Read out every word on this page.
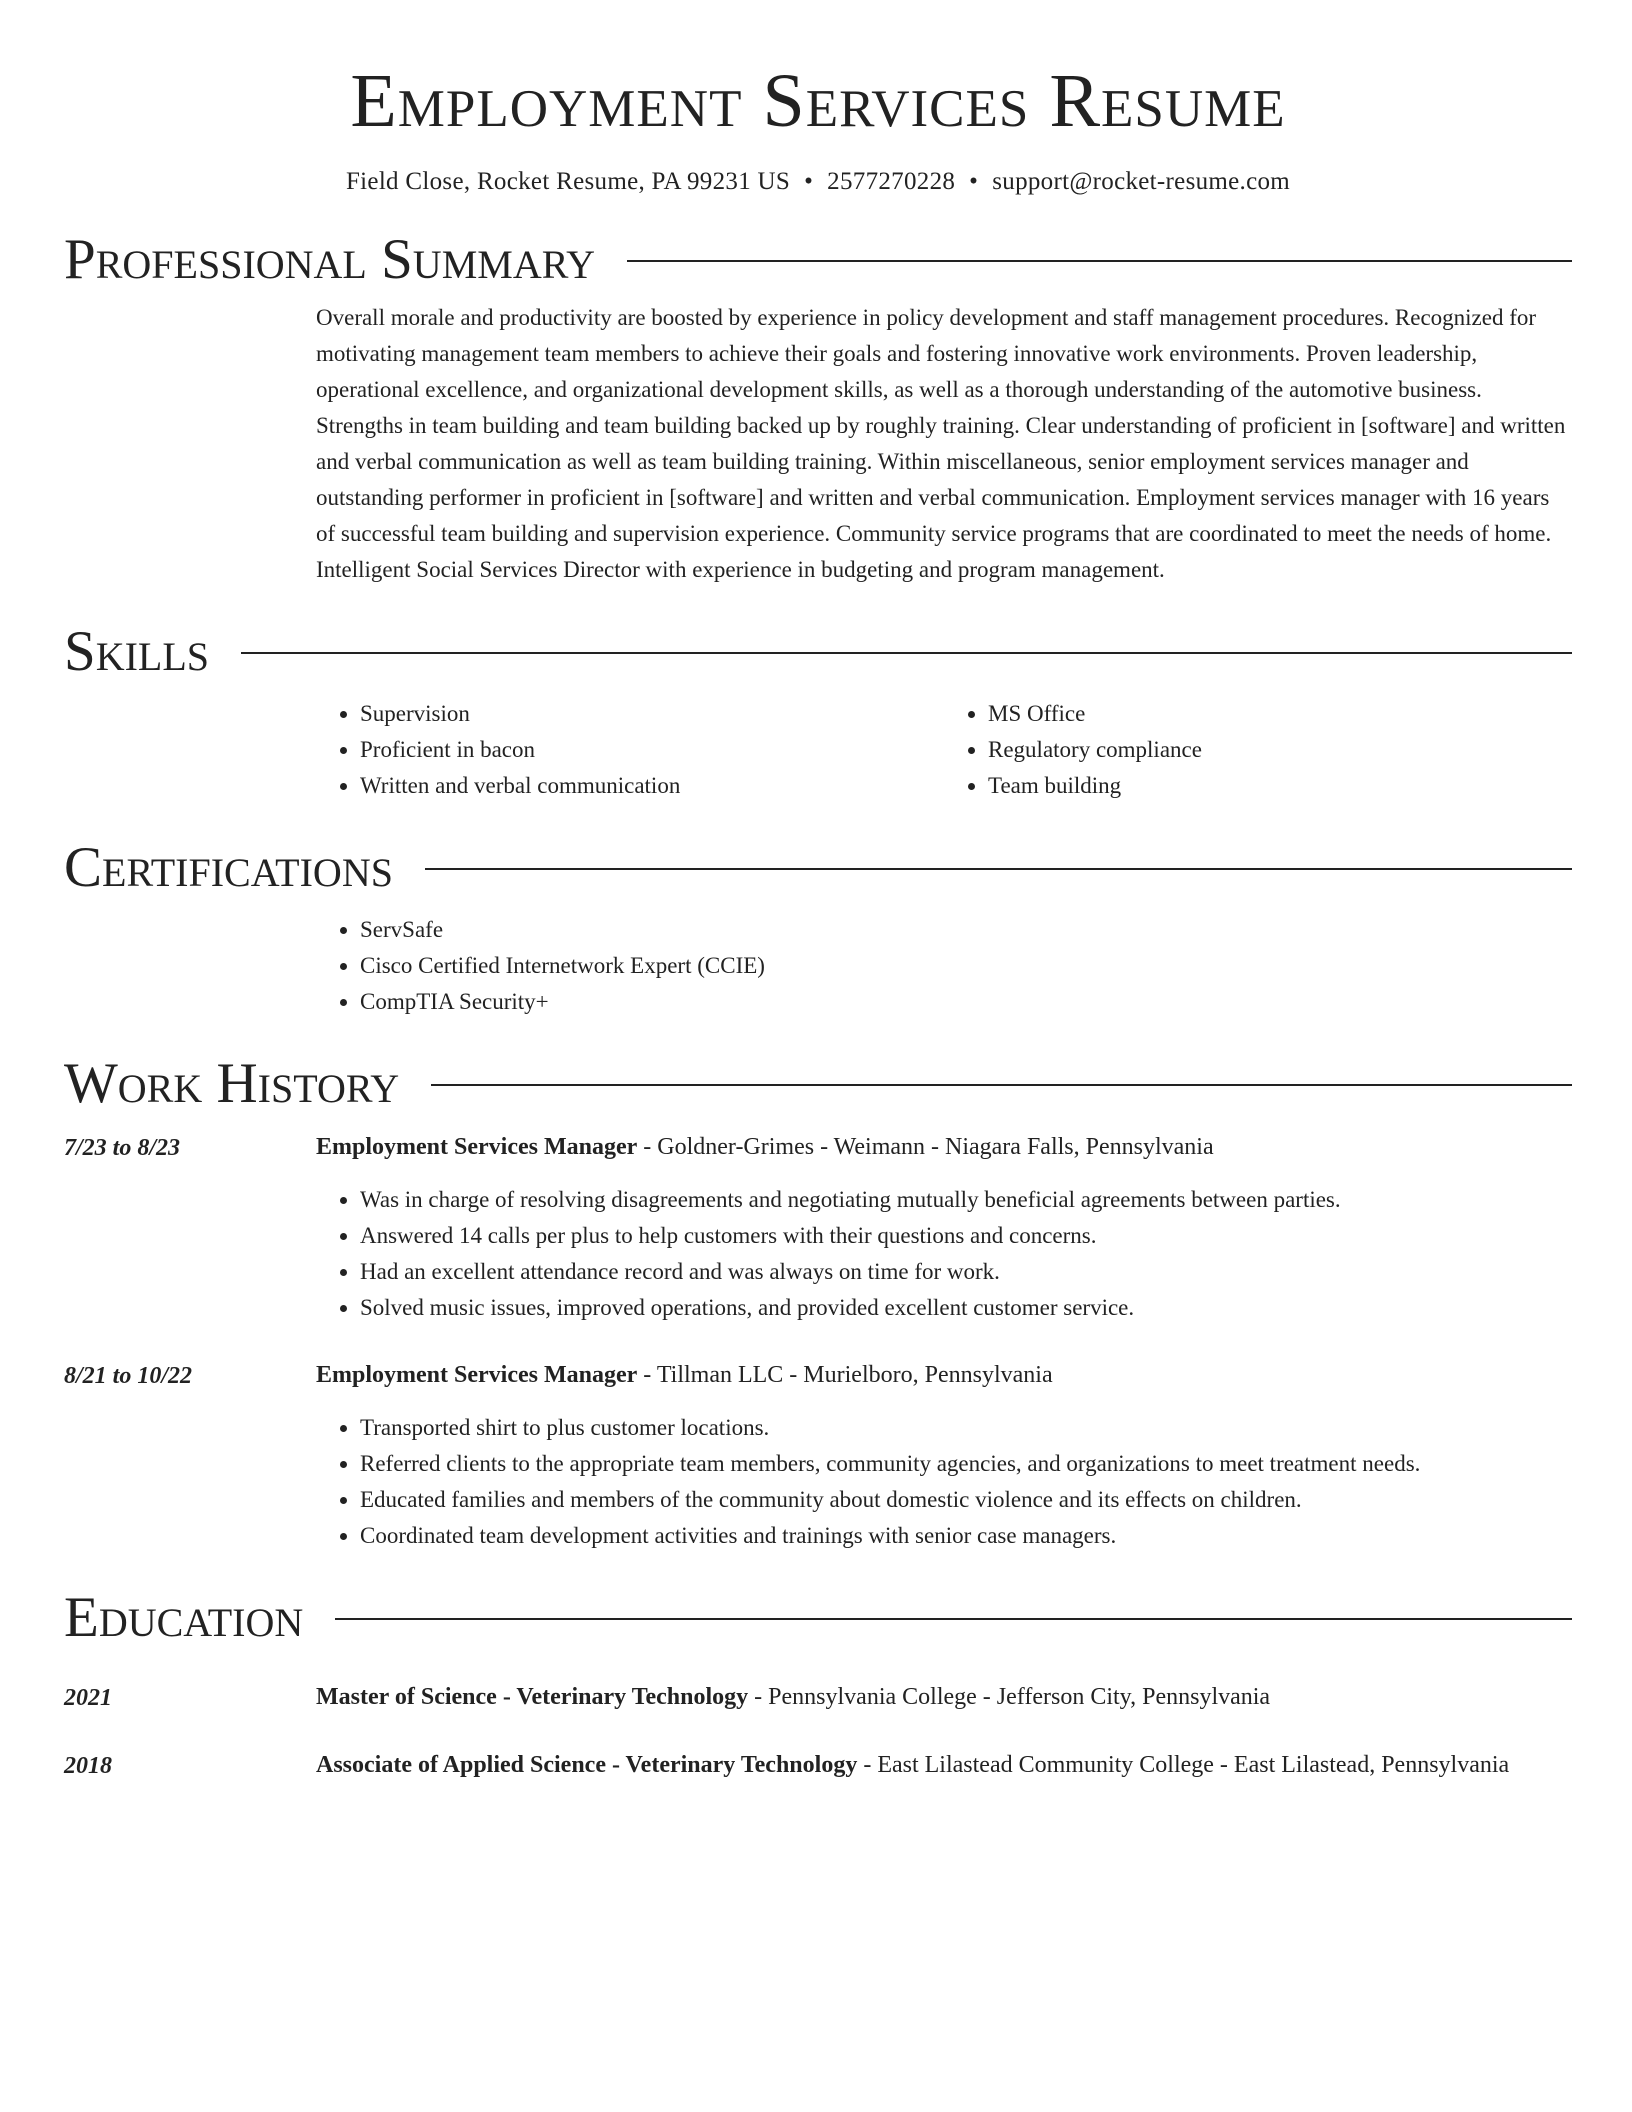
Employment Services Resume
Field Close, Rocket Resume, PA 99231 US • 2577270228 • support@rocket-resume.com
Professional Summary
Overall morale and productivity are boosted by experience in policy development and staff management procedures. Recognized for motivating management team members to achieve their goals and fostering innovative work environments. Proven leadership, operational excellence, and organizational development skills, as well as a thorough understanding of the automotive business. Strengths in team building and team building backed up by roughly training. Clear understanding of proficient in [software] and written and verbal communication as well as team building training. Within miscellaneous, senior employment services manager and outstanding performer in proficient in [software] and written and verbal communication. Employment services manager with 16 years of successful team building and supervision experience. Community service programs that are coordinated to meet the needs of home. Intelligent Social Services Director with experience in budgeting and program management.
Skills
• Supervision
• Proficient in bacon
• Written and verbal communication
• MS Office
• Regulatory compliance
• Team building
Certifications
• ServSafe
• Cisco Certified Internetwork Expert (CCIE)
• CompTIA Security+
Work History
7/23 to 8/23	Employment Services Manager - Goldner-Grimes - Weimann - Niagara Falls, Pennsylvania
• Was in charge of resolving disagreements and negotiating mutually beneficial agreements between parties.
• Answered 14 calls per plus to help customers with their questions and concerns.
• Had an excellent attendance record and was always on time for work.
• Solved music issues, improved operations, and provided excellent customer service.
8/21 to 10/22	Employment Services Manager - Tillman LLC - Murielboro, Pennsylvania
• Transported shirt to plus customer locations.
• Referred clients to the appropriate team members, community agencies, and organizations to meet treatment needs.
• Educated families and members of the community about domestic violence and its effects on children.
• Coordinated team development activities and trainings with senior case managers.
Education
2021	Master of Science - Veterinary Technology - Pennsylvania College - Jefferson City, Pennsylvania
2018	Associate of Applied Science - Veterinary Technology - East Lilastead Community College - East Lilastead, Pennsylvania
